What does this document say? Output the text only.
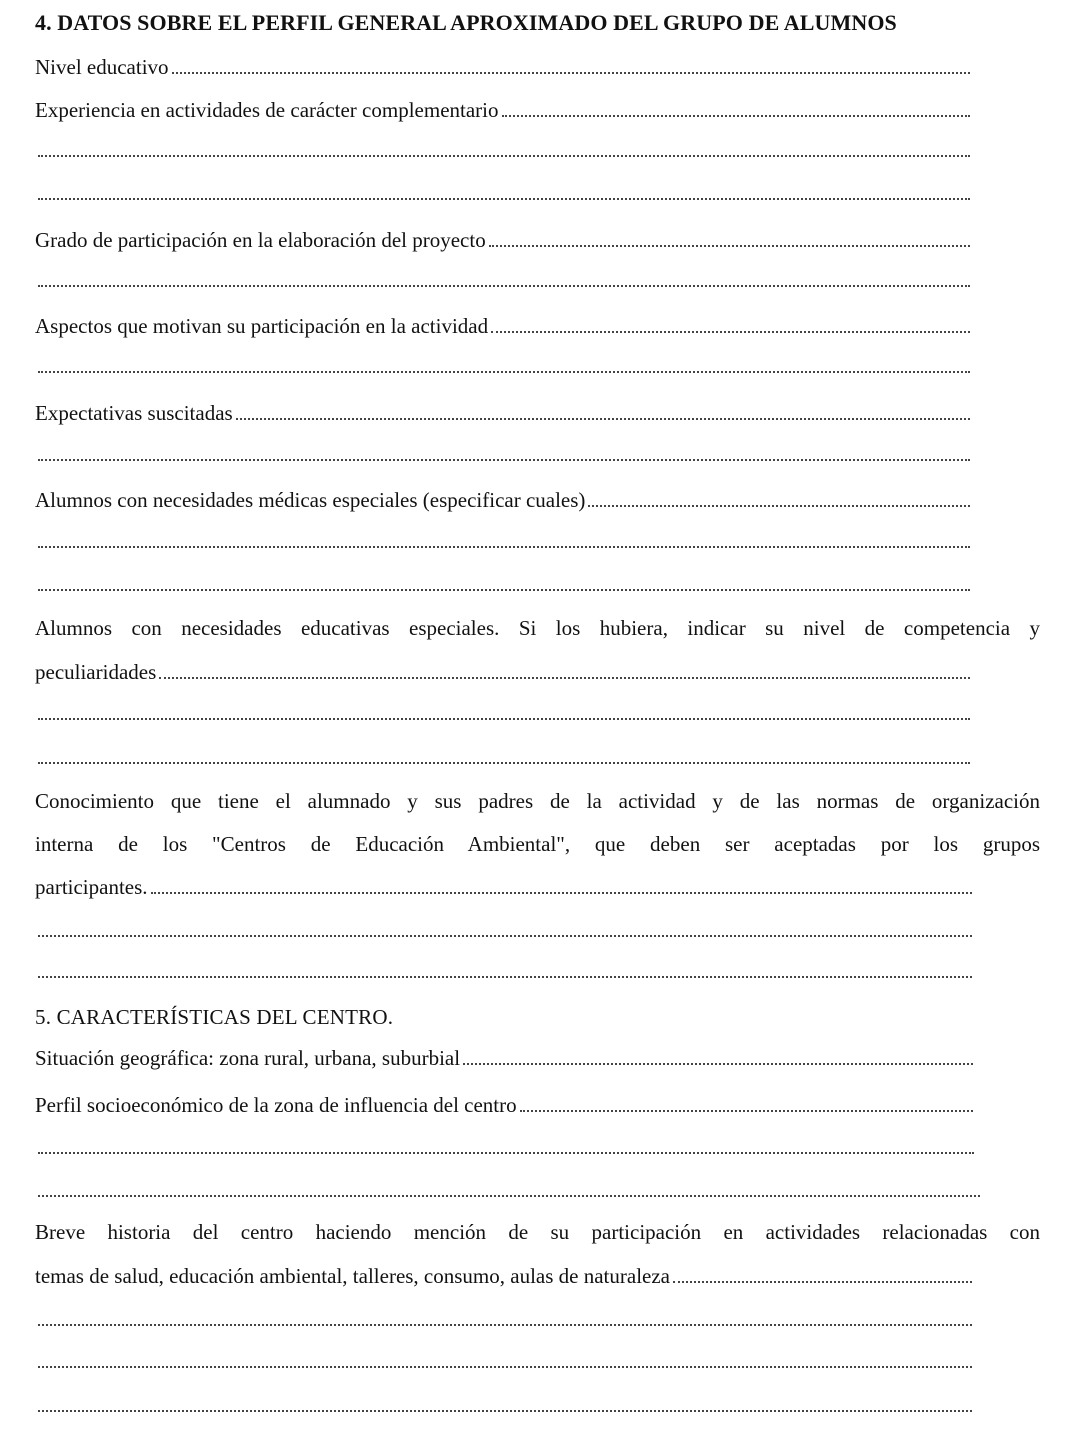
4. DATOS SOBRE EL PERFIL GENERAL APROXIMADO DEL GRUPO DE ALUMNOS
Nivel educativo
Experiencia en actividades de carácter complementario
Grado de participación en la elaboración del proyecto
Aspectos que motivan su participación en la actividad
Expectativas suscitadas
Alumnos con necesidades médicas especiales (especificar cuales)
Alumnos con necesidades educativas especiales. Si los hubiera, indicar su nivel de competencia y
peculiaridades
Conocimiento que tiene el alumnado y sus padres de la actividad y de las normas de organización
interna de los "Centros de Educación Ambiental", que deben ser aceptadas por los grupos
participantes.
5. CARACTERÍSTICAS DEL CENTRO.
Situación geográfica: zona rural, urbana, suburbial
Perfil socioeconómico de la zona de influencia del centro
Breve historia del centro haciendo mención de su participación en actividades relacionadas con
temas de salud, educación ambiental, talleres, consumo, aulas de naturaleza
